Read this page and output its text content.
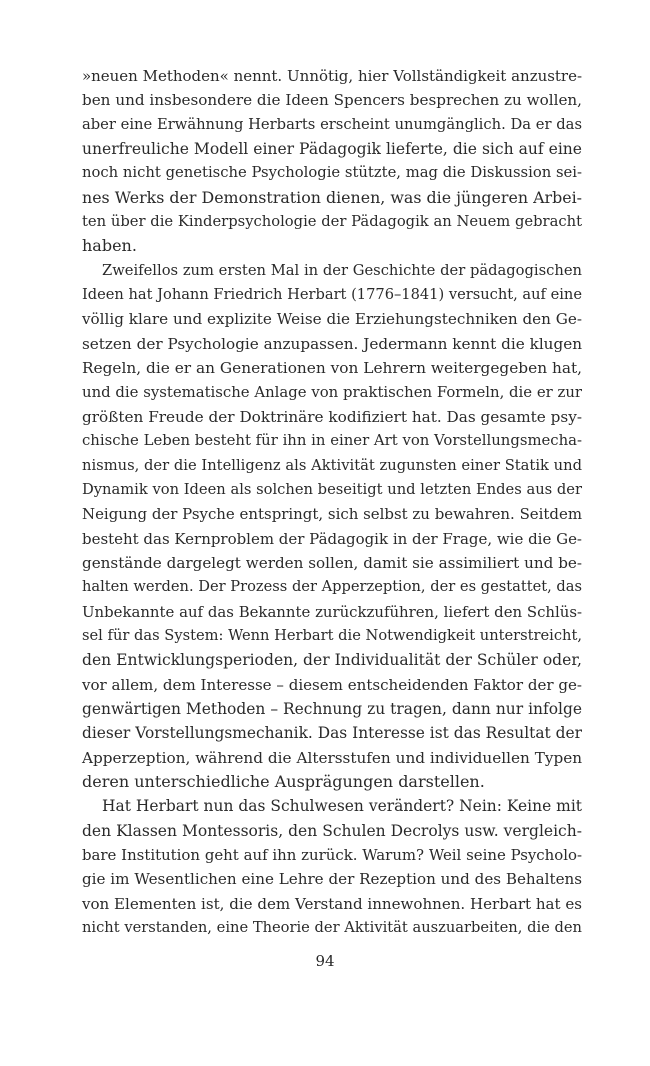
»neuen Methoden« nennt. Unnötig, hier Vollständigkeit anzustre-
ben und insbesondere die Ideen Spencers besprechen zu wollen,
aber eine Erwähnung Herbarts erscheint unumgänglich. Da er das
unerfreuliche Modell einer Pädagogik lieferte, die sich auf eine
noch nicht genetische Psychologie stützte, mag die Diskussion sei-
nes Werks der Demonstration dienen, was die jüngeren Arbei-
ten über die Kinderpsychologie der Pädagogik an Neuem gebracht
haben.
Zweifellos zum ersten Mal in der Geschichte der pädagogischen
Ideen hat Johann Friedrich Herbart (1776–1841) versucht, auf eine
völlig klare und explizite Weise die Erziehungstechniken den Ge-
setzen der Psychologie anzupassen. Jedermann kennt die klugen
Regeln, die er an Generationen von Lehrern weitergegeben hat,
und die systematische Anlage von praktischen Formeln, die er zur
größten Freude der Doktrinäre kodifiziert hat. Das gesamte psy-
chische Leben besteht für ihn in einer Art von Vorstellungsmecha-
nismus, der die Intelligenz als Aktivität zugunsten einer Statik und
Dynamik von Ideen als solchen beseitigt und letzten Endes aus der
Neigung der Psyche entspringt, sich selbst zu bewahren. Seitdem
besteht das Kernproblem der Pädagogik in der Frage, wie die Ge-
genstände dargelegt werden sollen, damit sie assimiliert und be-
halten werden. Der Prozess der Apperzeption, der es gestattet, das
Unbekannte auf das Bekannte zurückzuführen, liefert den Schlüs-
sel für das System: Wenn Herbart die Notwendigkeit unterstreicht,
den Entwicklungsperioden, der Individualität der Schüler oder,
vor allem, dem Interesse – diesem entscheidenden Faktor der ge-
genwärtigen Methoden – Rechnung zu tragen, dann nur infolge
dieser Vorstellungsmechanik. Das Interesse ist das Resultat der
Apperzeption, während die Altersstufen und individuellen Typen
deren unterschiedliche Ausprägungen darstellen.
Hat Herbart nun das Schulwesen verändert? Nein: Keine mit
den Klassen Montessoris, den Schulen Decrolys usw. vergleich-
bare Institution geht auf ihn zurück. Warum? Weil seine Psycholo-
gie im Wesentlichen eine Lehre der Rezeption und des Behaltens
von Elementen ist, die dem Verstand innewohnen. Herbart hat es
nicht verstanden, eine Theorie der Aktivität auszuarbeiten, die den
94
